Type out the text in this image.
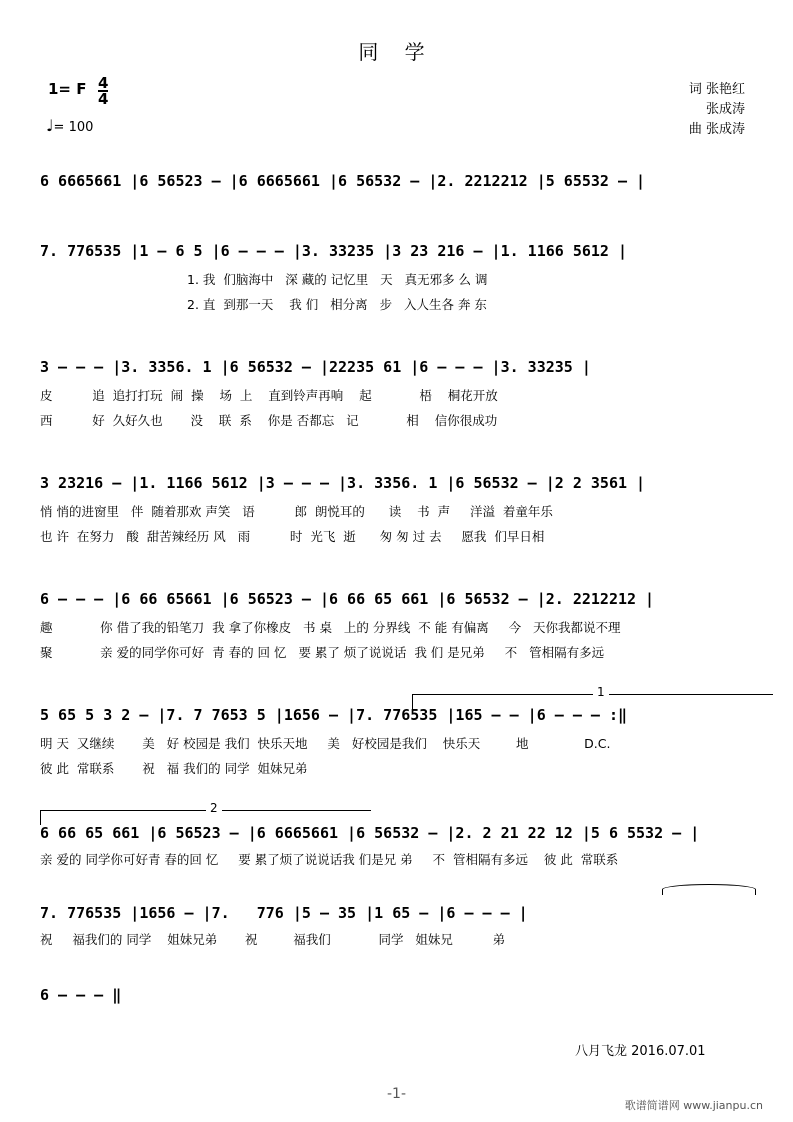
同 学
1= F 4
4
♩= 100
词 张艳红
张成涛
曲 张成涛
6 6665661 |6 56523 – |6 6665661 |6 56532 – |2. 2212212 |5 65532 – |
7. 776535 |1 – 6 5 |6 – – – |3. 33235 |3 23 216 – |1. 1166 5612 |
1. 我  们脑海中   深 藏的 记忆里   天   真无邪多 么 调
2. 直  到那一天    我 们   相分离   步   入人生各 奔 东
3 – – – |3. 3356. 1 |6 56532 – |22235 61 |6 – – – |3. 33235 |
皮          追  追打打玩  闹  操    场  上    直到铃声再响    起            梧    桐花开放
西          好  久好久也       没    联  系    你是 否都忘   记            相    信你很成功
3 23216 – |1. 1166 5612 |3 – – – |3. 3356. 1 |6 56532 – |2 2 3561 |
悄 悄的进窗里   伴  随着那欢 声笑   语          郎  朗悦耳的      读    书  声     洋溢  着童年乐
也 许  在努力   酸  甜苦辣经历 风   雨          时  光飞  逝      匆 匆 过 去     愿我  们早日相
6 – – – |6 66 65661 |6 56523 – |6 66 65 661 |6 56532 – |2. 2212212 |
趣            你 借了我的铅笔刀  我 拿了你橡皮   书 桌   上的 分界线  不 能 有偏离     今   天你我都说不理
聚            亲 爱的同学你可好  青 春的 回 忆   要 累了 烦了说说话  我 们 是兄弟     不   管相隔有多远
1
5 65 5 3 2 – |7. 7 7653 5 |1656 – |7. 776535 |165 – – |6 – – – :‖
明 天  又继续       美   好 校园是 我们  快乐天地     美   好校园是我们    快乐天         地              D.C.
彼 此  常联系       祝   福 我们的 同学  姐妹兄弟
2
6 66 65 661 |6 56523 – |6 6665661 |6 56532 – |2. 2 21 22 12 |5 6 5532 – |
亲 爱的 同学你可好青 春的回 忆     要 累了烦了说说话我 们是兄 弟     不  管相隔有多远    彼 此  常联系
7. 776535 |1656 – |7.   776 |5 – 35 |1 65 – |6 – – – |
祝     福我们的 同学    姐妹兄弟       祝         福我们            同学   姐妹兄          弟
6 – – – ‖
八月飞龙 2016.07.01
-1-
歌谱简谱网 www.jianpu.cn
